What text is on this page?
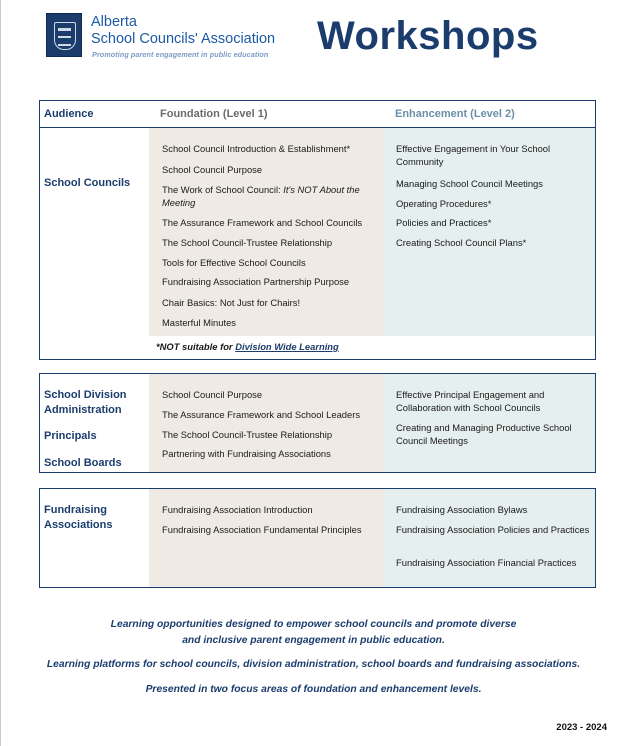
Alberta
School Councils' Association
Promoting parent engagement in public education Workshops
Audience	Foundation (Level 1)	Enhancement (Level 2)
School Councils
School Council Introduction & Establishment*
School Council Purpose
The Work of School Council: It's NOT About the Meeting
The Assurance Framework and School Councils
The School Council-Trustee Relationship
Tools for Effective School Councils
Fundraising Association Partnership Purpose
Chair Basics: Not Just for Chairs!
Masterful Minutes
Effective Engagement in Your School Community
Managing School Council Meetings
Operating Procedures*
Policies and Practices*
Creating School Council Plans*
*NOT suitable for Division Wide Learning
School Division Administration
Principals
School Boards
School Council Purpose
The Assurance Framework and School Leaders
The School Council-Trustee Relationship
Partnering with Fundraising Associations
Effective Principal Engagement and Collaboration with School Councils
Creating and Managing Productive School Council Meetings
Fundraising Associations
Fundraising Association Introduction
Fundraising Association Fundamental Principles
Fundraising Association Bylaws
Fundraising Association Policies and Practices
Fundraising Association Financial Practices
Learning opportunities designed to empower school councils and promote diverse
and inclusive parent engagement in public education.
Learning platforms for school councils, division administration, school boards and fundraising associations.
Presented in two focus areas of foundation and enhancement levels.
2023 - 2024
